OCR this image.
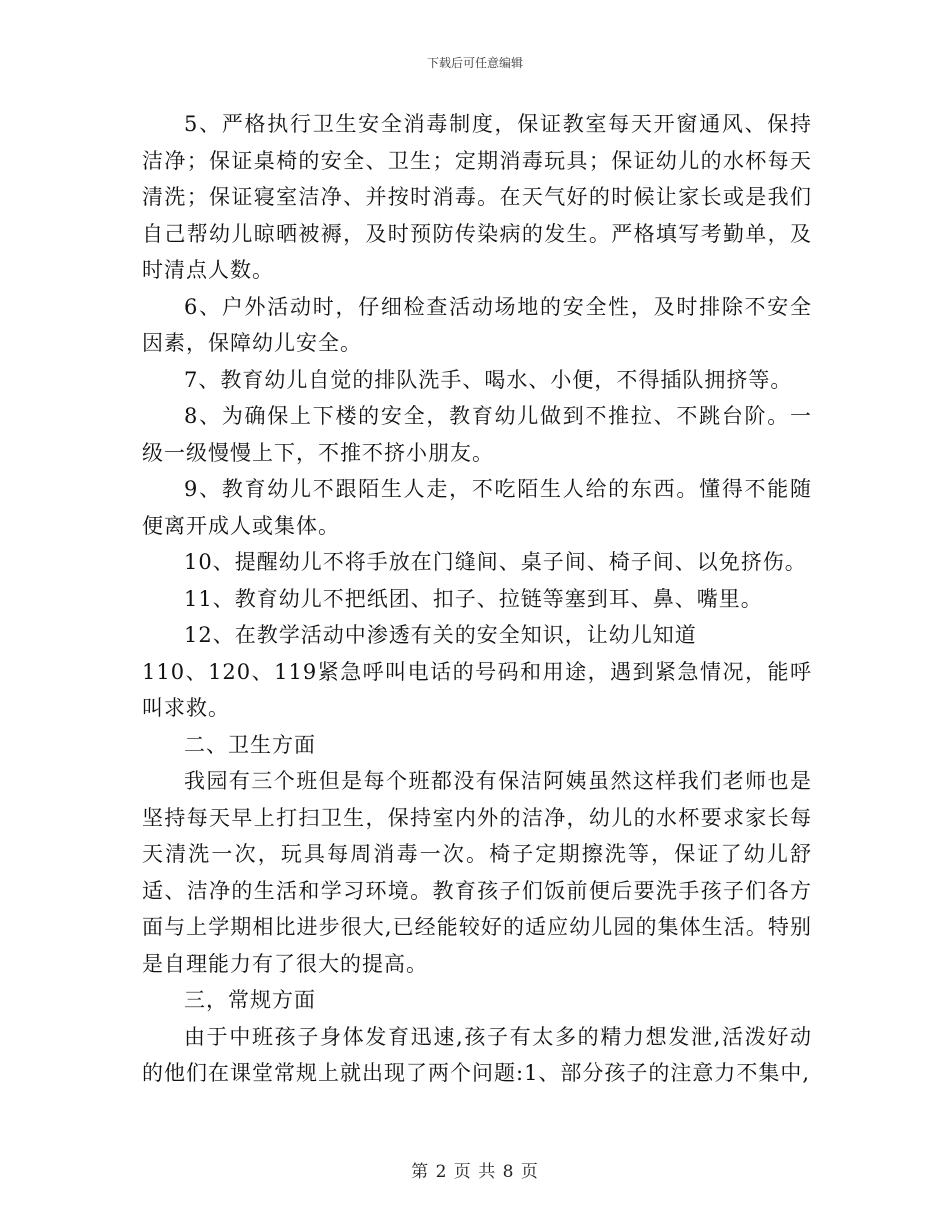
下载后可任意编辑

5、严格执行卫生安全消毒制度，保证教室每天开窗通风、保持洁净；保证桌椅的安全、卫生；定期消毒玩具；保证幼儿的水杯每天清洗；保证寝室洁净、并按时消毒。在天气好的时候让家长或是我们自己帮幼儿晾晒被褥，及时预防传染病的发生。严格填写考勤单，及时清点人数。

6、户外活动时，仔细检查活动场地的安全性，及时排除不安全因素，保障幼儿安全。

7、教育幼儿自觉的排队洗手、喝水、小便，不得插队拥挤等。

8、为确保上下楼的安全，教育幼儿做到不推拉、不跳台阶。一级一级慢慢上下，不推不挤小朋友。

9、教育幼儿不跟陌生人走，不吃陌生人给的东西。懂得不能随便离开成人或集体。

10、提醒幼儿不将手放在门缝间、桌子间、椅子间、以免挤伤。

11、教育幼儿不把纸团、扣子、拉链等塞到耳、鼻、嘴里。

12、在教学活动中渗透有关的安全知识，让幼儿知道

110、120、119紧急呼叫电话的号码和用途，遇到紧急情况，能呼叫求救。

二、卫生方面

我园有三个班但是每个班都没有保洁阿姨虽然这样我们老师也是坚持每天早上打扫卫生，保持室内外的洁净，幼儿的水杯要求家长每天清洗一次，玩具每周消毒一次。椅子定期擦洗等，保证了幼儿舒适、洁净的生活和学习环境。教育孩子们饭前便后要洗手孩子们各方面与上学期相比进步很大,已经能较好的适应幼儿园的集体生活。特别是自理能力有了很大的提高。

三，常规方面

由于中班孩子身体发育迅速,孩子有太多的精力想发泄,活泼好动的他们在课堂常规上就出现了两个问题:1、部分孩子的注意力不集中,

第 2 页 共 8 页
